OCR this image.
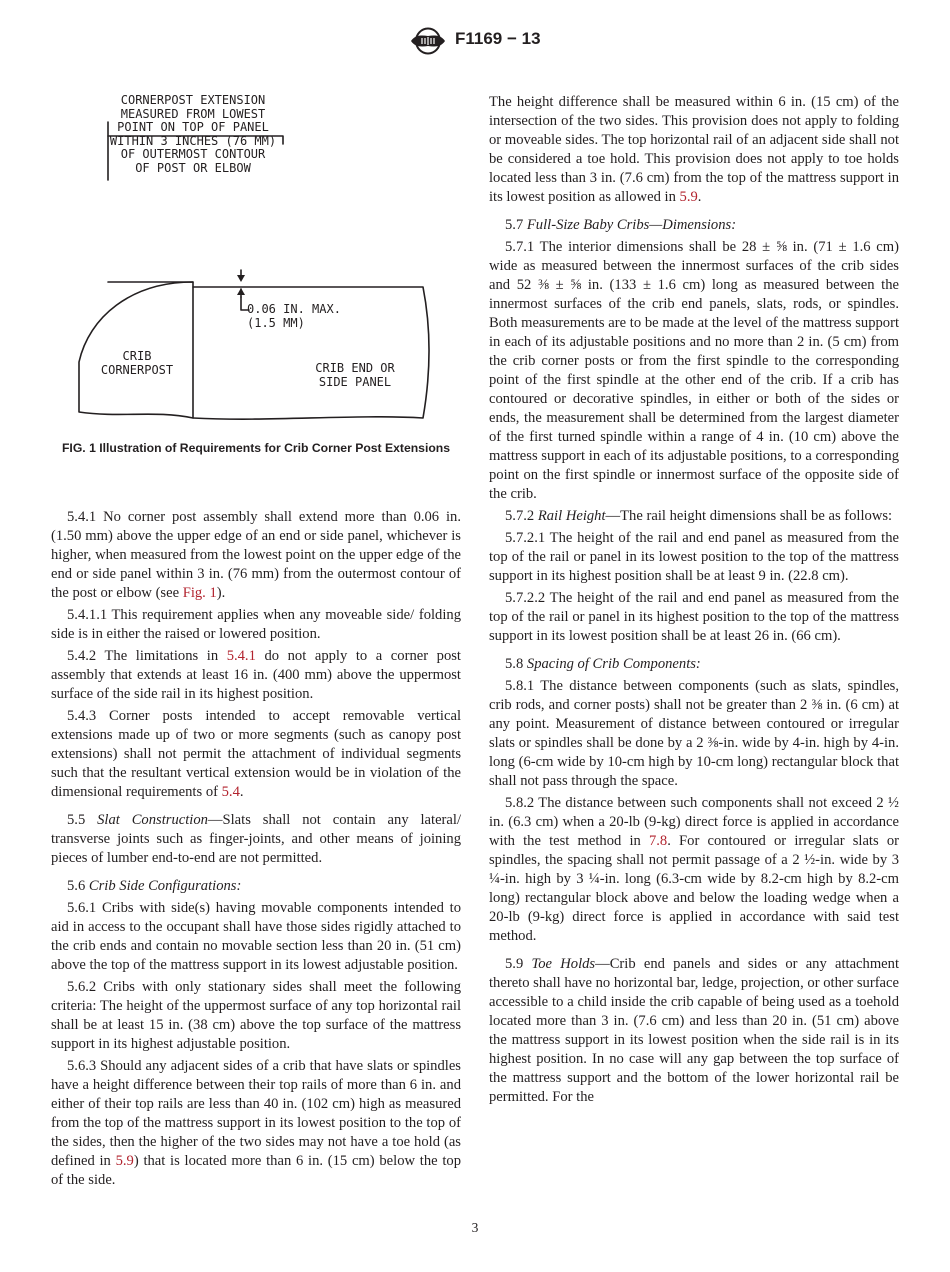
F1169 − 13
CORNERPOST EXTENSION
MEASURED FROM LOWEST
POINT ON TOP OF PANEL
WITHIN 3 INCHES (76 MM)
OF OUTERMOST CONTOUR
OF POST OR ELBOW
0.06 IN. MAX.
(1.5 MM)
CRIB
CORNERPOST	CRIB END OR
SIDE PANEL
FIG. 1 Illustration of Requirements for Crib Corner Post Extensions

5.4.1 No corner post assembly shall extend more than 0.06 in. (1.50 mm) above the upper edge of an end or side panel, whichever is higher, when measured from the lowest point on the upper edge of the end or side panel within 3 in. (76 mm) from the outermost contour of the post or elbow (see Fig. 1).

5.4.1.1 This requirement applies when any moveable side/ folding side is in either the raised or lowered position.

5.4.2 The limitations in 5.4.1 do not apply to a corner post assembly that extends at least 16 in. (400 mm) above the uppermost surface of the side rail in its highest position.

5.4.3 Corner posts intended to accept removable vertical extensions made up of two or more segments (such as canopy post extensions) shall not permit the attachment of individual segments such that the resultant vertical extension would be in violation of the dimensional requirements of 5.4.

5.5 Slat Construction—Slats shall not contain any lateral/ transverse joints such as finger-joints, and other means of joining pieces of lumber end-to-end are not permitted.

5.6 Crib Side Configurations:

5.6.1 Cribs with side(s) having movable components intended to aid in access to the occupant shall have those sides rigidly attached to the crib ends and contain no movable section less than 20 in. (51 cm) above the top of the mattress support in its lowest adjustable position.

5.6.2 Cribs with only stationary sides shall meet the following criteria: The height of the uppermost surface of any top horizontal rail shall be at least 15 in. (38 cm) above the top surface of the mattress support in its highest adjustable position.

5.6.3 Should any adjacent sides of a crib that have slats or spindles have a height difference between their top rails of more than 6 in. and either of their top rails are less than 40 in. (102 cm) high as measured from the top of the mattress support in its lowest position to the top of the sides, then the higher of the two sides may not have a toe hold (as defined in 5.9) that is located more than 6 in. (15 cm) below the top of the side.

The height difference shall be measured within 6 in. (15 cm) of the intersection of the two sides. This provision does not apply to folding or moveable sides. The top horizontal rail of an adjacent side shall not be considered a toe hold. This provision does not apply to toe holds located less than 3 in. (7.6 cm) from the top of the mattress support in its lowest position as allowed in 5.9.

5.7 Full-Size Baby Cribs—Dimensions:

5.7.1 The interior dimensions shall be 28 ± ⅝ in. (71 ± 1.6 cm) wide as measured between the innermost surfaces of the crib sides and 52 ⅜ ± ⅝ in. (133 ± 1.6 cm) long as measured between the innermost surfaces of the crib end panels, slats, rods, or spindles. Both measurements are to be made at the level of the mattress support in each of its adjustable positions and no more than 2 in. (5 cm) from the crib corner posts or from the first spindle to the corresponding point of the first spindle at the other end of the crib. If a crib has contoured or decorative spindles, in either or both of the sides or ends, the measurement shall be determined from the largest diameter of the first turned spindle within a range of 4 in. (10 cm) above the mattress support in each of its adjustable positions, to a corresponding point on the first spindle or innermost surface of the opposite side of the crib.

5.7.2 Rail Height—The rail height dimensions shall be as follows:

5.7.2.1 The height of the rail and end panel as measured from the top of the rail or panel in its lowest position to the top of the mattress support in its highest position shall be at least 9 in. (22.8 cm).

5.7.2.2 The height of the rail and end panel as measured from the top of the rail or panel in its highest position to the top of the mattress support in its lowest position shall be at least 26 in. (66 cm).

5.8 Spacing of Crib Components:

5.8.1 The distance between components (such as slats, spindles, crib rods, and corner posts) shall not be greater than 2 ⅜ in. (6 cm) at any point. Measurement of distance between contoured or irregular slats or spindles shall be done by a 2 ⅜-in. wide by 4-in. high by 4-in. long (6-cm wide by 10-cm high by 10-cm long) rectangular block that shall not pass through the space.

5.8.2 The distance between such components shall not exceed 2 ½ in. (6.3 cm) when a 20-lb (9-kg) direct force is applied in accordance with the test method in 7.8. For contoured or irregular slats or spindles, the spacing shall not permit passage of a 2 ½-in. wide by 3 ¼-in. high by 3 ¼-in. long (6.3-cm wide by 8.2-cm high by 8.2-cm long) rectangular block above and below the loading wedge when a 20-lb (9-kg) direct force is applied in accordance with said test method.

5.9 Toe Holds—Crib end panels and sides or any attachment thereto shall have no horizontal bar, ledge, projection, or other surface accessible to a child inside the crib capable of being used as a toehold located more than 3 in. (7.6 cm) and less than 20 in. (51 cm) above the mattress support in its lowest position when the side rail is in its highest position. In no case will any gap between the top surface of the mattress support and the bottom of the lower horizontal rail be permitted. For the

3
